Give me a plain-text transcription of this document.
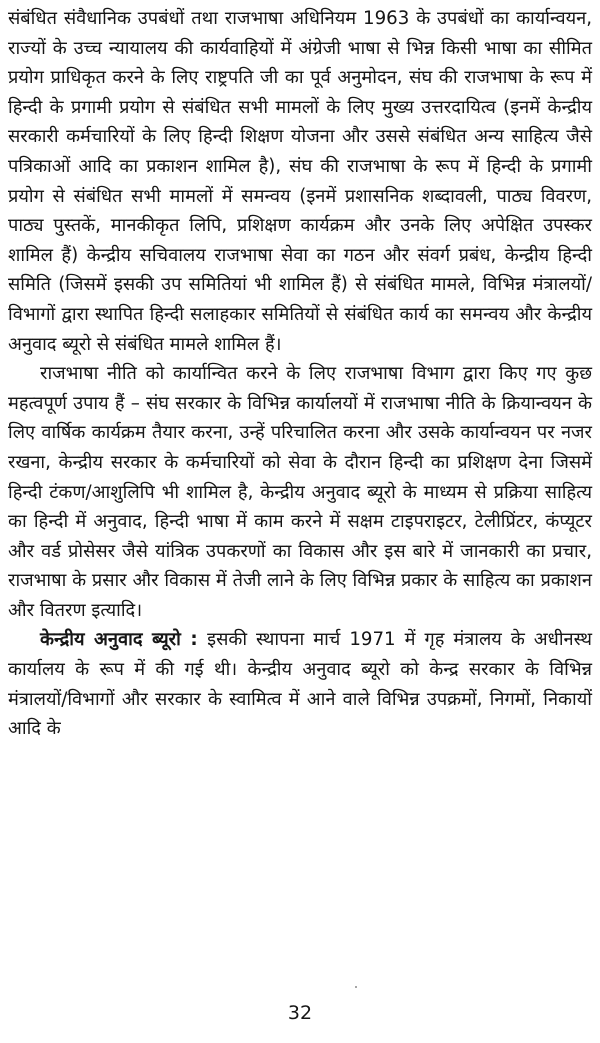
संबंधित संवैधानिक उपबंधों तथा राजभाषा अधिनियम 1963 के उपबंधों का कार्यान्वयन, राज्यों के उच्च न्यायालय की कार्यवाहियों में अंग्रेजी भाषा से भिन्न किसी भाषा का सीमित प्रयोग प्राधिकृत करने के लिए राष्ट्रपति जी का पूर्व अनुमोदन, संघ की राजभाषा के रूप में हिन्दी के प्रगामी प्रयोग से संबंधित सभी मामलों के लिए मुख्य उत्तरदायित्व (इनमें केन्द्रीय सरकारी कर्मचारियों के लिए हिन्दी शिक्षण योजना और उससे संबंधित अन्य साहित्य जैसे पत्रिकाओं आदि का प्रकाशन शामिल है), संघ की राजभाषा के रूप में हिन्दी के प्रगामी प्रयोग से संबंधित सभी मामलों में समन्वय (इनमें प्रशासनिक शब्दावली, पाठ्य विवरण, पाठ्य पुस्तकें, मानकीकृत लिपि, प्रशिक्षण कार्यक्रम और उनके लिए अपेक्षित उपस्कर शामिल हैं) केन्द्रीय सचिवालय राजभाषा सेवा का गठन और संवर्ग प्रबंध, केन्द्रीय हिन्दी समिति (जिसमें इसकी उप समितियां भी शामिल हैं) से संबंधित मामले, विभिन्न मंत्रालयों/विभागों द्वारा स्थापित हिन्दी सलाहकार समितियों से संबंधित कार्य का समन्वय और केन्द्रीय अनुवाद ब्यूरो से संबंधित मामले शामिल हैं।

राजभाषा नीति को कार्यान्वित करने के लिए राजभाषा विभाग द्वारा किए गए कुछ महत्वपूर्ण उपाय हैं – संघ सरकार के विभिन्न कार्यालयों में राजभाषा नीति के क्रियान्वयन के लिए वार्षिक कार्यक्रम तैयार करना, उन्हें परिचालित करना और उसके कार्यान्वयन पर नजर रखना, केन्द्रीय सरकार के कर्मचारियों को सेवा के दौरान हिन्दी का प्रशिक्षण देना जिसमें हिन्दी टंकण/आशुलिपि भी शामिल है, केन्द्रीय अनुवाद ब्यूरो के माध्यम से प्रक्रिया साहित्य का हिन्दी में अनुवाद, हिन्दी भाषा में काम करने में सक्षम टाइपराइटर, टेलीप्रिंटर, कंप्यूटर और वर्ड प्रोसेसर जैसे यांत्रिक उपकरणों का विकास और इस बारे में जानकारी का प्रचार, राजभाषा के प्रसार और विकास में तेजी लाने के लिए विभिन्न प्रकार के साहित्य का प्रकाशन और वितरण इत्यादि।

केन्द्रीय अनुवाद ब्यूरो : इसकी स्थापना मार्च 1971 में गृह मंत्रालय के अधीनस्थ कार्यालय के रूप में की गई थी। केन्द्रीय अनुवाद ब्यूरो को केन्द्र सरकार के विभिन्न मंत्रालयों/विभागों और सरकार के स्वामित्व में आने वाले विभिन्न उपक्रमों, निगमों, निकायों आदि के

32
